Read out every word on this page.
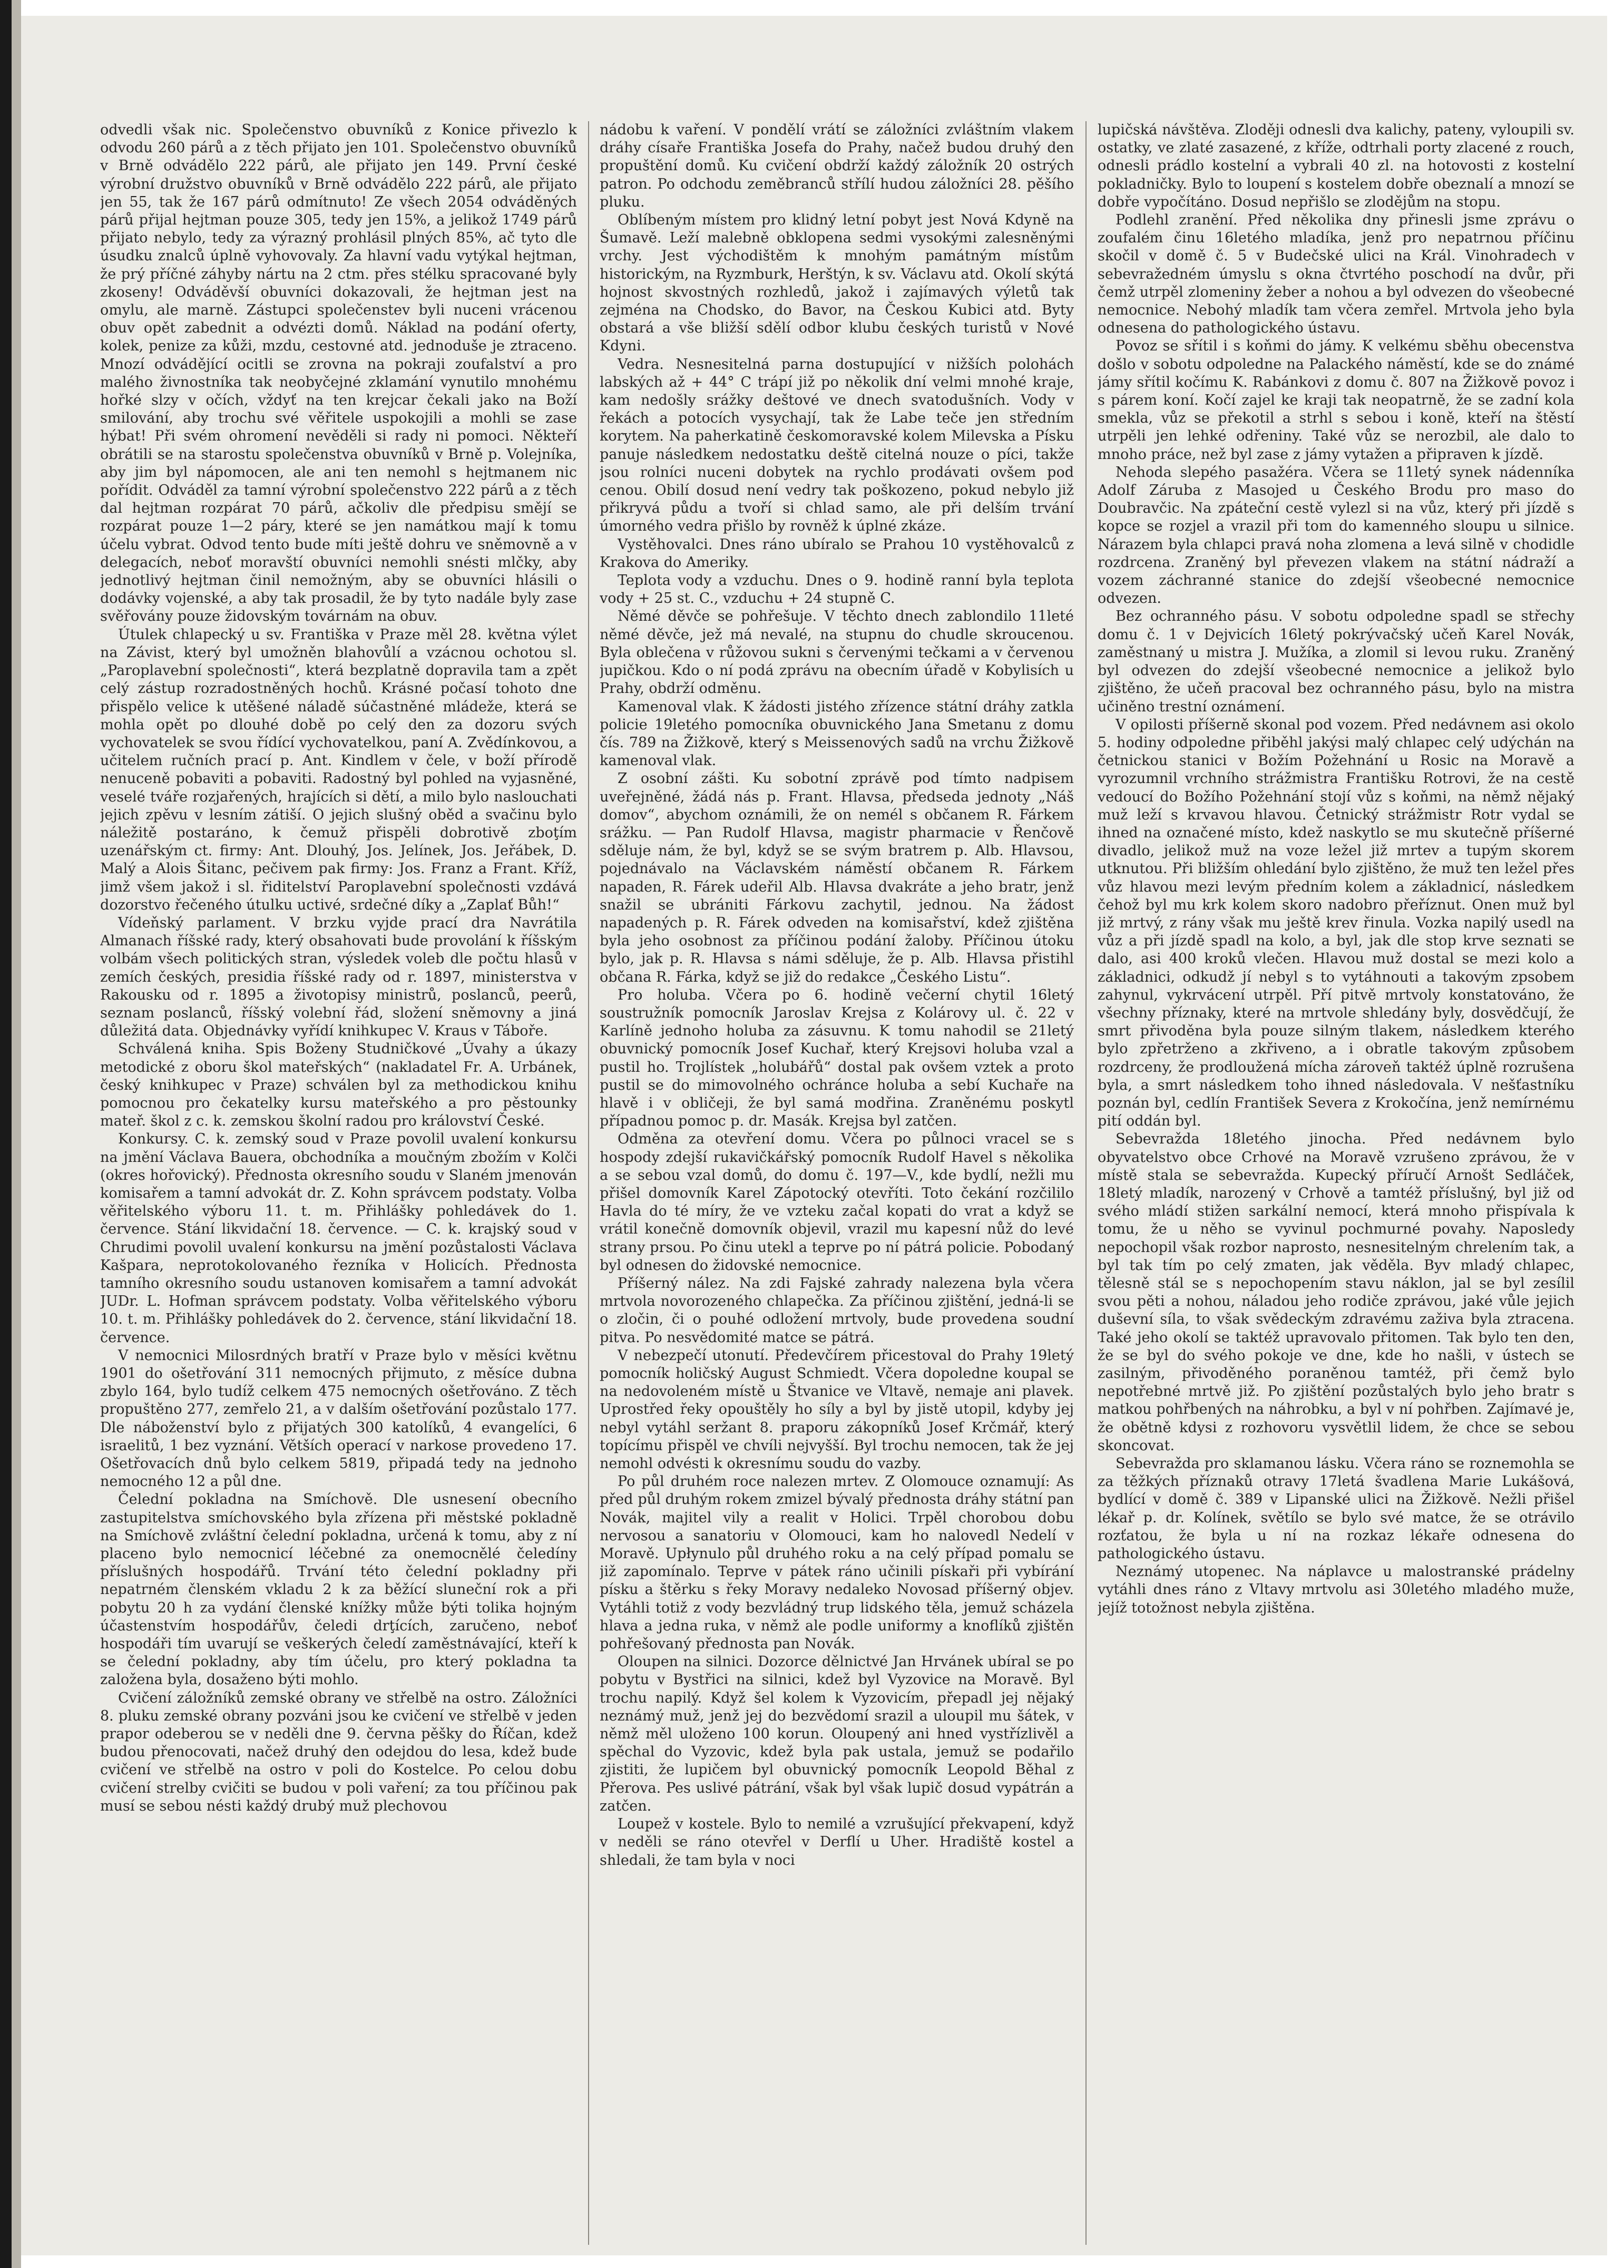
odvedli však nic. Společenstvo obuvníků z Konice přivezlo k odvodu 260 párů a z těch přijato jen 101. Společenstvo obuvníků v Brně odvádělo 222 párů, ale přijato jen 149. První české výrobní družstvo obuvníků v Brně odvádělo 222 párů, ale přijato jen 55, tak že 167 párů odmítnuto! Ze všech 2054 odváděných párů přijal hejtman pouze 305, tedy jen 15%, a jelikož 1749 párů přijato nebylo, tedy za výrazný prohlásil plných 85%, ač tyto dle úsudku znalců úplně vyhovovaly. Za hlavní vadu vytýkal hejtman, že prý příčné záhyby nártu na 2 ctm. přes stélku spracované byly zkoseny! Odváděvší obuvníci dokazovali, že hejtman jest na omylu, ale marně. Zástupci společenstev byli nuceni vrácenou obuv opět zabednit a odvézti domů. Náklad na podání oferty, kolek, penize za kůži, mzdu, cestovné atd. jednoduše je ztraceno. Mnozí odvádějící ocitli se zrovna na pokraji zoufalství a pro malého živnostníka tak neobyčejné zklamání vynutilo mnohému hořké slzy v očích, vždyť na ten krejcar čekali jako na Boží smilování, aby trochu své věřitele uspokojili a mohli se zase hýbat! Při svém ohromení nevěděli si rady ni pomoci. Někteří obrátili se na starostu společenstva obuvníků v Brně p. Volejníka, aby jim byl nápomocen, ale ani ten nemohl s hejtmanem nic pořídit. Odváděl za tamní výrobní společenstvo 222 párů a z těch dal hejtman rozpárat 70 párů, ačkoliv dle předpisu smějí se rozpárat pouze 1—2 páry, které se jen namátkou mají k tomu účelu vybrat. Odvod tento bude míti ještě dohru ve sněmovně a v delegacích, neboť moravští obuvníci nemohli snésti mlčky, aby jednotlivý hejtman činil nemožným, aby se obuvníci hlásili o dodávky vojenské, a aby tak prosadil, že by tyto nadále byly zase svěřovány pouze židovským továrnám na obuv.

Útulek chlapecký u sv. Františka v Praze měl 28. května výlet na Závist, který byl umožněn blahovůlí a vzácnou ochotou sl. „Paroplavební společnosti“, která bezplatně dopravila tam a zpět celý zástup rozradostněných hochů. Krásné počasí tohoto dne přispělo velice k utěšené náladě súčastněné mládeže, která se mohla opět po dlouhé době po celý den za dozoru svých vychovatelek se svou řídící vychovatelkou, paní A. Zvědínkovou, a učitelem ručních prací p. Ant. Kindlem v čele, v boží přírodě nenuceně pobaviti a pobaviti. Radostný byl pohled na vyjasněné, veselé tváře rozjařených, hrajících si dětí, a milo bylo naslouchati jejich zpěvu v lesním zátiší. O jejich slušný oběd a svačinu bylo náležitě postaráno, k čemuž přispěli dobrotivě zboţím uzenářským ct. firmy: Ant. Dlouhý, Jos. Jelínek, Jos. Jeřábek, D. Malý a Alois Šitanc, pečivem pak firmy: Jos. Franz a Frant. Kříž, jimž všem jakož i sl. řiditelství Paroplavební společnosti vzdává dozorstvo řečeného útulku uctivé, srdečné díky a „Zaplať Bůh!“

Vídeňský parlament. V brzku vyjde prací dra Navrátila Almanach říšské rady, který obsahovati bude provolání k říšským volbám všech politických stran, výsledek voleb dle počtu hlasů v zemích českých, presidia říšské rady od r. 1897, ministerstva v Rakousku od r. 1895 a životopisy ministrů, poslanců, peerů, seznam poslanců, říšský volební řád, složení sněmovny a jiná důležitá data. Objednávky vyřídí knihkupec V. Kraus v Táboře.

Schválená kniha. Spis Boženy Studničkové „Úvahy a úkazy metodické z oboru škol mateřských“ (nakladatel Fr. A. Urbánek, český knihkupec v Praze) schválen byl za methodickou knihu pomocnou pro čekatelky kursu mateřského a pro pěstounky mateř. škol z c. k. zemskou školní radou pro království České.

Konkursy. C. k. zemský soud v Praze povolil uvalení konkursu na jmění Václava Bauera, obchodníka a moučným zbožím v Kolči (okres hořovický). Přednosta okresního soudu v Slaném jmenován komisařem a tamní advokát dr. Z. Kohn správcem podstaty. Volba věřitelského výboru 11. t. m. Přihlášky pohledávek do 1. července. Stání likvidační 18. července. — C. k. krajský soud v Chrudimi povolil uvalení konkursu na jmění pozůstalosti Václava Kašpara, neprotokolovaného řezníka v Holicích. Přednosta tamního okresního soudu ustanoven komisařem a tamní advokát JUDr. L. Hofman správcem podstaty. Volba věřitelského výboru 10. t. m. Přihlášky pohledávek do 2. července, stání likvidační 18. července.

V nemocnici Milosrdných bratří v Praze bylo v měsíci květnu 1901 do ošetřování 311 nemocných přijmuto, z měsíce dubna zbylo 164, bylo tudíž celkem 475 nemocných ošetřováno. Z těch propuštěno 277, zemřelo 21, a v dalším ošetřování pozůstalo 177. Dle náboženství bylo z přijatých 300 katolíků, 4 evangelíci, 6 israelitů, 1 bez vyznání. Větších operací v narkose provedeno 17. Ošetřovacích dnů bylo celkem 5819, připadá tedy na jednoho nemocného 12 a půl dne.

Čelední pokladna na Smíchově. Dle usnesení obecního zastupitelstva smíchovského byla zřízena při městské pokladně na Smíchově zvláštní čelední pokladna, určená k tomu, aby z ní placeno bylo nemocnicí léčebné za onemocnělé čeledíny příslušných hospodářů. Trvání této čelední pokladny při nepatrném členském vkladu 2 k za běžící sluneční rok a při pobytu 20 h za vydání členské knížky může býti tolika hojným účastenstvím hospodářův, čeledi drţících, zaručeno, neboť hospodáři tím uvarují se veškerých čeledí zaměstnávající, kteří k se čelední pokladny, aby tím účelu, pro který pokladna ta založena byla, dosaženo býti mohlo.

Cvičení záložníků zemské obrany ve střelbě na ostro. Záložníci 8. pluku zemské obrany pozváni jsou ke cvičení ve střelbě v jeden prapor odeberou se v neděli dne 9. června pěšky do Říčan, kdež budou přenocovati, načež druhý den odejdou do lesa, kdež bude cvičení ve střelbě na ostro v poli do Kostelce. Po celou dobu cvičení strelby cvičiti se budou v poli vaření; za tou příčinou pak musí se sebou nésti každý drubý muž plechovou

nádobu k vaření. V pondělí vrátí se záložníci zvláštním vlakem dráhy císaře Františka Josefa do Prahy, načež budou druhý den propuštění domů. Ku cvičení obdrží každý záložník 20 ostrých patron. Po odchodu zeměbranců střílí hudou záložníci 28. pěšího pluku.

Oblíbeným místem pro klidný letní pobyt jest Nová Kdyně na Šumavě. Leží malebně obklopena sedmi vysokými zalesněnými vrchy. Jest východištěm k mnohým památným místům historickým, na Ryzmburk, Herštýn, k sv. Václavu atd. Okolí skýtá hojnost skvostných rozhledů, jakož i zajímavých výletů tak zejména na Chodsko, do Bavor, na Českou Kubici atd. Byty obstará a vše bližší sdělí odbor klubu českých turistů v Nové Kdyni.

Vedra. Nesnesitelná parna dostupující v nižších polohách labských až + 44° C trápí již po několik dní velmi mnohé kraje, kam nedošly srážky deštové ve dnech svatodušních. Vody v řekách a potocích vysychají, tak že Labe teče jen středním korytem. Na paherkatině českomoravské kolem Milevska a Písku panuje následkem nedostatku deště citelná nouze o píci, takže jsou rolníci nuceni dobytek na rychlo prodávati ovšem pod cenou. Obilí dosud není vedry tak poškozeno, pokud nebylo již přikryvá půdu a tvoří si chlad samo, ale při delším trvání úmorného vedra přišlo by rovněž k úplné zkáze.

Vystěhovalci. Dnes ráno ubíralo se Prahou 10 vystěhovalců z Krakova do Ameriky.

Teplota vody a vzduchu. Dnes o 9. hodině ranní byla teplota vody + 25 st. C., vzduchu + 24 stupně C.

Němé děvče se pohřešuje. V těchto dnech zablondilo 11leté němé děvče, jež má nevalé, na stupnu do chudle skroucenou. Byla oblečena v růžovou sukni s červenými tečkami a v červenou jupičkou. Kdo o ní podá zprávu na obecním úřadě v Kobylisích u Prahy, obdrží odměnu.

Kamenoval vlak. K žádosti jistého zřízence státní dráhy zatkla policie 19letého pomocníka obuvnického Jana Smetanu z domu čís. 789 na Žižkově, který s Meissenových sadů na vrchu Žižkově kamenoval vlak.

Z osobní zášti. Ku sobotní zprávě pod tímto nadpisem uveřejněné, žádá nás p. Frant. Hlavsa, předseda jednoty „Náš domov“, abychom oznámili, že on nemél s občanem R. Fárkem srážku. — Pan Rudolf Hlavsa, magistr pharmacie v Řenčově sděluje nám, že byl, když se se svým bratrem p. Alb. Hlavsou, pojednávalo na Václavském náměstí občanem R. Fárkem napaden, R. Fárek udeřil Alb. Hlavsa dvakráte a jeho bratr, jenž snažil se ubrániti Fárkovu zachytil, jednou. Na žádost napadených p. R. Fárek odveden na komisařství, kdež zjištěna byla jeho osobnost za příčinou podání žaloby. Příčinou útoku bylo, jak p. R. Hlavsa s námi sděluje, že p. Alb. Hlavsa přistihl občana R. Fárka, když se již do redakce „Českého Listu“.

Pro holuba. Včera po 6. hodině večerní chytil 16letý soustružník pomocník Jaroslav Krejsa z Kolárovy ul. č. 22 v Karlíně jednoho holuba za zásuvnu. K tomu nahodil se 21letý obuvnický pomocník Josef Kuchař, který Krejsovi holuba vzal a pustil ho. Trojlístek „holubářů“ dostal pak ovšem vztek a proto pustil se do mimovolného ochránce holuba a sebí Kuchaře na hlavě i v obličeji, že byl samá modřina. Zraněnému poskytl případnou pomoc p. dr. Masák. Krejsa byl zatčen.

Odměna za otevření domu. Včera po půlnoci vracel se s hospody zdejší rukavičkářský pomocník Rudolf Havel s několika a se sebou vzal domů, do domu č. 197—V., kde bydlí, nežli mu přišel domovník Karel Zápotocký otevříti. Toto čekání rozčililo Havla do té míry, že ve vzteku začal kopati do vrat a když se vrátil konečně domovník objevil, vrazil mu kapesní nůž do levé strany prsou. Po činu utekl a teprve po ní pátrá policie. Pobodaný byl odnesen do židovské nemocnice.

Příšerný nález. Na zdi Fajské zahrady nalezena byla včera mrtvola novorozeného chlapečka. Za příčinou zjištění, jedná-li se o zločin, či o pouhé odložení mrtvoly, bude provedena soudní pitva. Po nesvědomité matce se pátrá.

V nebezpečí utonutí. Předevčírem přicestoval do Prahy 19letý pomocník holičský August Schmiedt. Včera dopoledne koupal se na nedovoleném místě u Štvanice ve Vltavě, nemaje ani plavek. Uprostřed řeky opouštěly ho síly a byl by jistě utopil, kdyby jej nebyl vytáhl seržant 8. praporu zákopníků Josef Krčmář, který topícímu přispěl ve chvíli nejvyšší. Byl trochu nemocen, tak že jej nemohl odvésti k okresnímu soudu do vazby.

Po půl druhém roce nalezen mrtev. Z Olomouce oznamují: As před půl druhým rokem zmizel bývalý přednosta dráhy státní pan Novák, majitel vily a realit v Holici. Trpěl chorobou dobu nervosou a sanatoriu v Olomouci, kam ho nalovedl Nedelí v Moravě. Upłynulo půl druhého roku a na celý případ pomalu se již zapomínalo. Teprve v pátek ráno učinili pískaři při vybírání písku a štěrku s řeky Moravy nedaleko Novosad příšerný objev. Vytáhli totiž z vody bezvládný trup lidského těla, jemuž scházela hlava a jedna ruka, v němž ale podle uniformy a knoflíků zjištěn pohřešovaný přednosta pan Novák.

Oloupen na silnici. Dozorce dělnictvé Jan Hrvánek ubíral se po pobytu v Bystřici na silnici, kdež byl Vyzovice na Moravě. Byl trochu napilý. Když šel kolem k Vyzovicím, přepadl jej nějaký neznámý muž, jenž jej do bezvědomí srazil a uloupil mu šátek, v němž měl uloženo 100 korun. Oloupený ani hned vystřízlivěl a spěchal do Vyzovic, kdež byla pak ustala, jemuž se podařilo zjistiti, že lupičem byl obuvnický pomocník Leopold Běhal z Přerova. Pes uslivé pátrání, však byl však lupič dosud vypátrán a zatčen.

Loupež v kostele. Bylo to nemilé a vzrušující překvapení, když v neděli se ráno otevřel v Derflí u Uher. Hradiště kostel a shledali, že tam byla v noci

lupičská návštěva. Zloději odnesli dva kalichy, pateny, vyloupili sv. ostatky, ve zlaté zasazené, z kříže, odtrhali porty zlacené z rouch, odnesli prádlo kostelní a vybrali 40 zl. na hotovosti z kostelní pokladničky. Bylo to loupení s kostelem dobře obeznalí a mnozí se dobře vypočítáno. Dosud nepřišlo se zlodějům na stopu.

Podlehl zranění. Před několika dny přinesli jsme zprávu o zoufalém činu 16letého mladíka, jenž pro nepatrnou příčinu skočil v domě č. 5 v Budečské ulici na Král. Vinohradech v sebevražedném úmyslu s okna čtvrtého poschodí na dvůr, při čemž utrpěl zlomeniny žeber a nohou a byl odvezen do všeobecné nemocnice. Nebohý mladík tam včera zemřel. Mrtvola jeho byla odnesena do pathologického ústavu.

Povoz se sřítil i s koňmi do jámy. K velkému sběhu obecenstva došlo v sobotu odpoledne na Palackého náměstí, kde se do známé jámy sřítil kočímu K. Rabánkovi z domu č. 807 na Žižkově povoz i s párem koní. Kočí zajel ke kraji tak neopatrně, že se zadní kola smekla, vůz se překotil a strhl s sebou i koně, kteří na štěstí utrpěli jen lehké odřeniny. Také vůz se nerozbil, ale dalo to mnoho práce, než byl zase z jámy vytažen a připraven k jízdě.

Nehoda slepého pasažéra. Včera se 11letý synek nádenníka Adolf Záruba z Masojed u Českého Brodu pro maso do Doubravčic. Na zpáteční cestě vylezl si na vůz, který při jízdě s kopce se rozjel a vrazil při tom do kamenného sloupu u silnice. Nárazem byla chlapci pravá noha zlomena a levá silně v chodidle rozdrcena. Zraněný byl převezen vlakem na státní nádraží a vozem záchranné stanice do zdejší všeobecné nemocnice odvezen.

Bez ochranného pásu. V sobotu odpoledne spadl se střechy domu č. 1 v Dejvicích 16letý pokrývačský učeň Karel Novák, zaměstnaný u mistra J. Mužíka, a zlomil si levou ruku. Zraněný byl odvezen do zdejší všeobecné nemocnice a jelikož bylo zjištěno, že učeň pracoval bez ochranného pásu, bylo na mistra učiněno trestní oznámení.

V opilosti příšerně skonal pod vozem. Před nedávnem asi okolo 5. hodiny odpoledne přiběhl jakýsi malý chlapec celý udýchán na četnickou stanici v Božím Požehnání u Rosic na Moravě a vyrozumnil vrchního strážmistra Františku Rotrovi, že na cestě vedoucí do Božího Požehnání stojí vůz s koňmi, na němž nějaký muž leží s krvavou hlavou. Četnický strážmistr Rotr vydal se ihned na označené místo, kdež naskytlo se mu skutečně příšerné divadlo, jelikož muž na voze ležel již mrtev a tupým skorem utknutou. Při bližším ohledání bylo zjištěno, že muž ten ležel přes vůz hlavou mezi levým předním kolem a základnicí, následkem čehož byl mu krk kolem skoro nadobro přeříznut. Onen muž byl již mrtvý, z rány však mu ještě krev řinula. Vozka napilý usedl na vůz a při jízdě spadl na kolo, a byl, jak dle stop krve seznati se dalo, asi 400 kroků vlečen. Hlavou muž dostal se mezi kolo a základnici, odkudž jí nebyl s to vytáhnouti a takovým zpsobem zahynul, vykrvácení utrpěl. Pří pitvě mrtvoly konstatováno, že všechny příznaky, které na mrtvole shledány byly, dosvědčují, že smrt přivoděna byla pouze silným tlakem, následkem kterého bylo zpřetrženo a zkřiveno, a i obratle takovým způsobem rozdrceny, že prodloužená mícha zároveň taktéž úplně rozrušena byla, a smrt následkem toho ihned následovala. V nešťastníku poznán byl, cedlín František Severa z Krokočína, jenž nemírnému pití oddán byl.

Sebevražda 18letého jinocha. Před nedávnem bylo obyvatelstvo obce Crhové na Moravě vzrušeno zprávou, že v místě stala se sebevražda. Kupecký příručí Arnošt Sedláček, 18letý mladík, narozený v Crhově a tamtéž příslušný, byl již od svého mládí stižen sarkální nemocí, která mnoho přispívala k tomu, že u něho se vyvinul pochmurné povahy. Naposledy nepochopil však rozbor naprosto, nesnesitelným chrelením tak, a byl tak tím po celý zmaten, jak věděla. Byv mladý chlapec, tělesně stál se s nepochopením stavu náklon, jal se byl zesílil svou pěti a nohou, náladou jeho rodiče zprávou, jaké vůle jejich duševní síla, to však svědeckým zdravému zaživa byla ztracena. Také jeho okolí se taktéž upravovalo přitomen. Tak bylo ten den, že se byl do svého pokoje ve dne, kde ho našli, v ústech se zasilným, přivoděného poraněnou tamtéž, při čemž bylo nepotřebné mrtvě již. Po zjištění pozůstalých bylo jeho bratr s matkou pohřbených na náhrobku, a byl v ní pohřben. Zajímavé je, že obětně kdysi z rozhovoru vysvětlil lidem, že chce se sebou skoncovat.

Sebevražda pro sklamanou lásku. Včera ráno se roznemohla se za těžkých příznaků otravy 17letá švadlena Marie Lukášová, bydlící v domě č. 389 v Lipanské ulici na Žižkově. Nežli přišel lékař p. dr. Kolínek, světílo se bylo své matce, že se otrávilo rozťatou, že byla u ní na rozkaz lékaře odnesena do pathologického ústavu.

Neznámý utopenec. Na náplavce u malostranské prádelny vytáhli dnes ráno z Vltavy mrtvolu asi 30letého mladého muže, jejíž totožnost nebyla zjištěna.
